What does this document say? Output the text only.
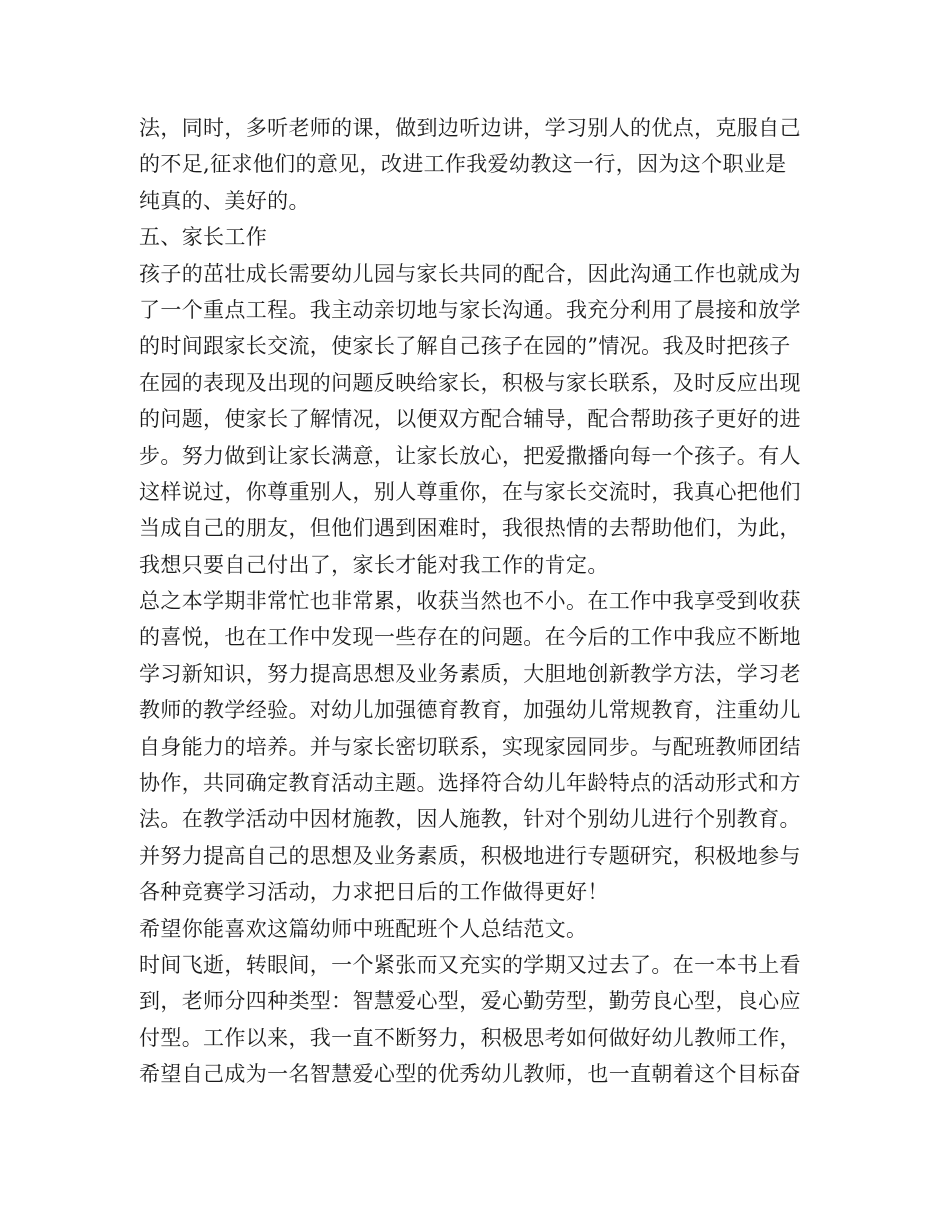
法，同时，多听老师的课，做到边听边讲，学习别人的优点，克服自己
的不足,征求他们的意见，改进工作我爱幼教这一行，因为这个职业是
纯真的、美好的。
五、家长工作
孩子的茁壮成长需要幼儿园与家长共同的配合，因此沟通工作也就成为
了一个重点工程。我主动亲切地与家长沟通。我充分利用了晨接和放学
的时间跟家长交流，使家长了解自己孩子在园的”情况。我及时把孩子
在园的表现及出现的问题反映给家长，积极与家长联系，及时反应出现
的问题，使家长了解情况，以便双方配合辅导，配合帮助孩子更好的进
步。努力做到让家长满意，让家长放心，把爱撒播向每一个孩子。有人
这样说过，你尊重别人，别人尊重你，在与家长交流时，我真心把他们
当成自己的朋友，但他们遇到困难时，我很热情的去帮助他们，为此，
我想只要自己付出了，家长才能对我工作的肯定。
总之本学期非常忙也非常累，收获当然也不小。在工作中我享受到收获
的喜悦，也在工作中发现一些存在的问题。在今后的工作中我应不断地
学习新知识，努力提高思想及业务素质，大胆地创新教学方法，学习老
教师的教学经验。对幼儿加强德育教育，加强幼儿常规教育，注重幼儿
自身能力的培养。并与家长密切联系，实现家园同步。与配班教师团结
协作，共同确定教育活动主题。选择符合幼儿年龄特点的活动形式和方
法。在教学活动中因材施教，因人施教，针对个别幼儿进行个别教育。
并努力提高自己的思想及业务素质，积极地进行专题研究，积极地参与
各种竞赛学习活动，力求把日后的工作做得更好！
希望你能喜欢这篇幼师中班配班个人总结范文。
时间飞逝，转眼间，一个紧张而又充实的学期又过去了。在一本书上看
到，老师分四种类型：智慧爱心型，爱心勤劳型，勤劳良心型，良心应
付型。工作以来，我一直不断努力，积极思考如何做好幼儿教师工作，
希望自己成为一名智慧爱心型的优秀幼儿教师，也一直朝着这个目标奋
